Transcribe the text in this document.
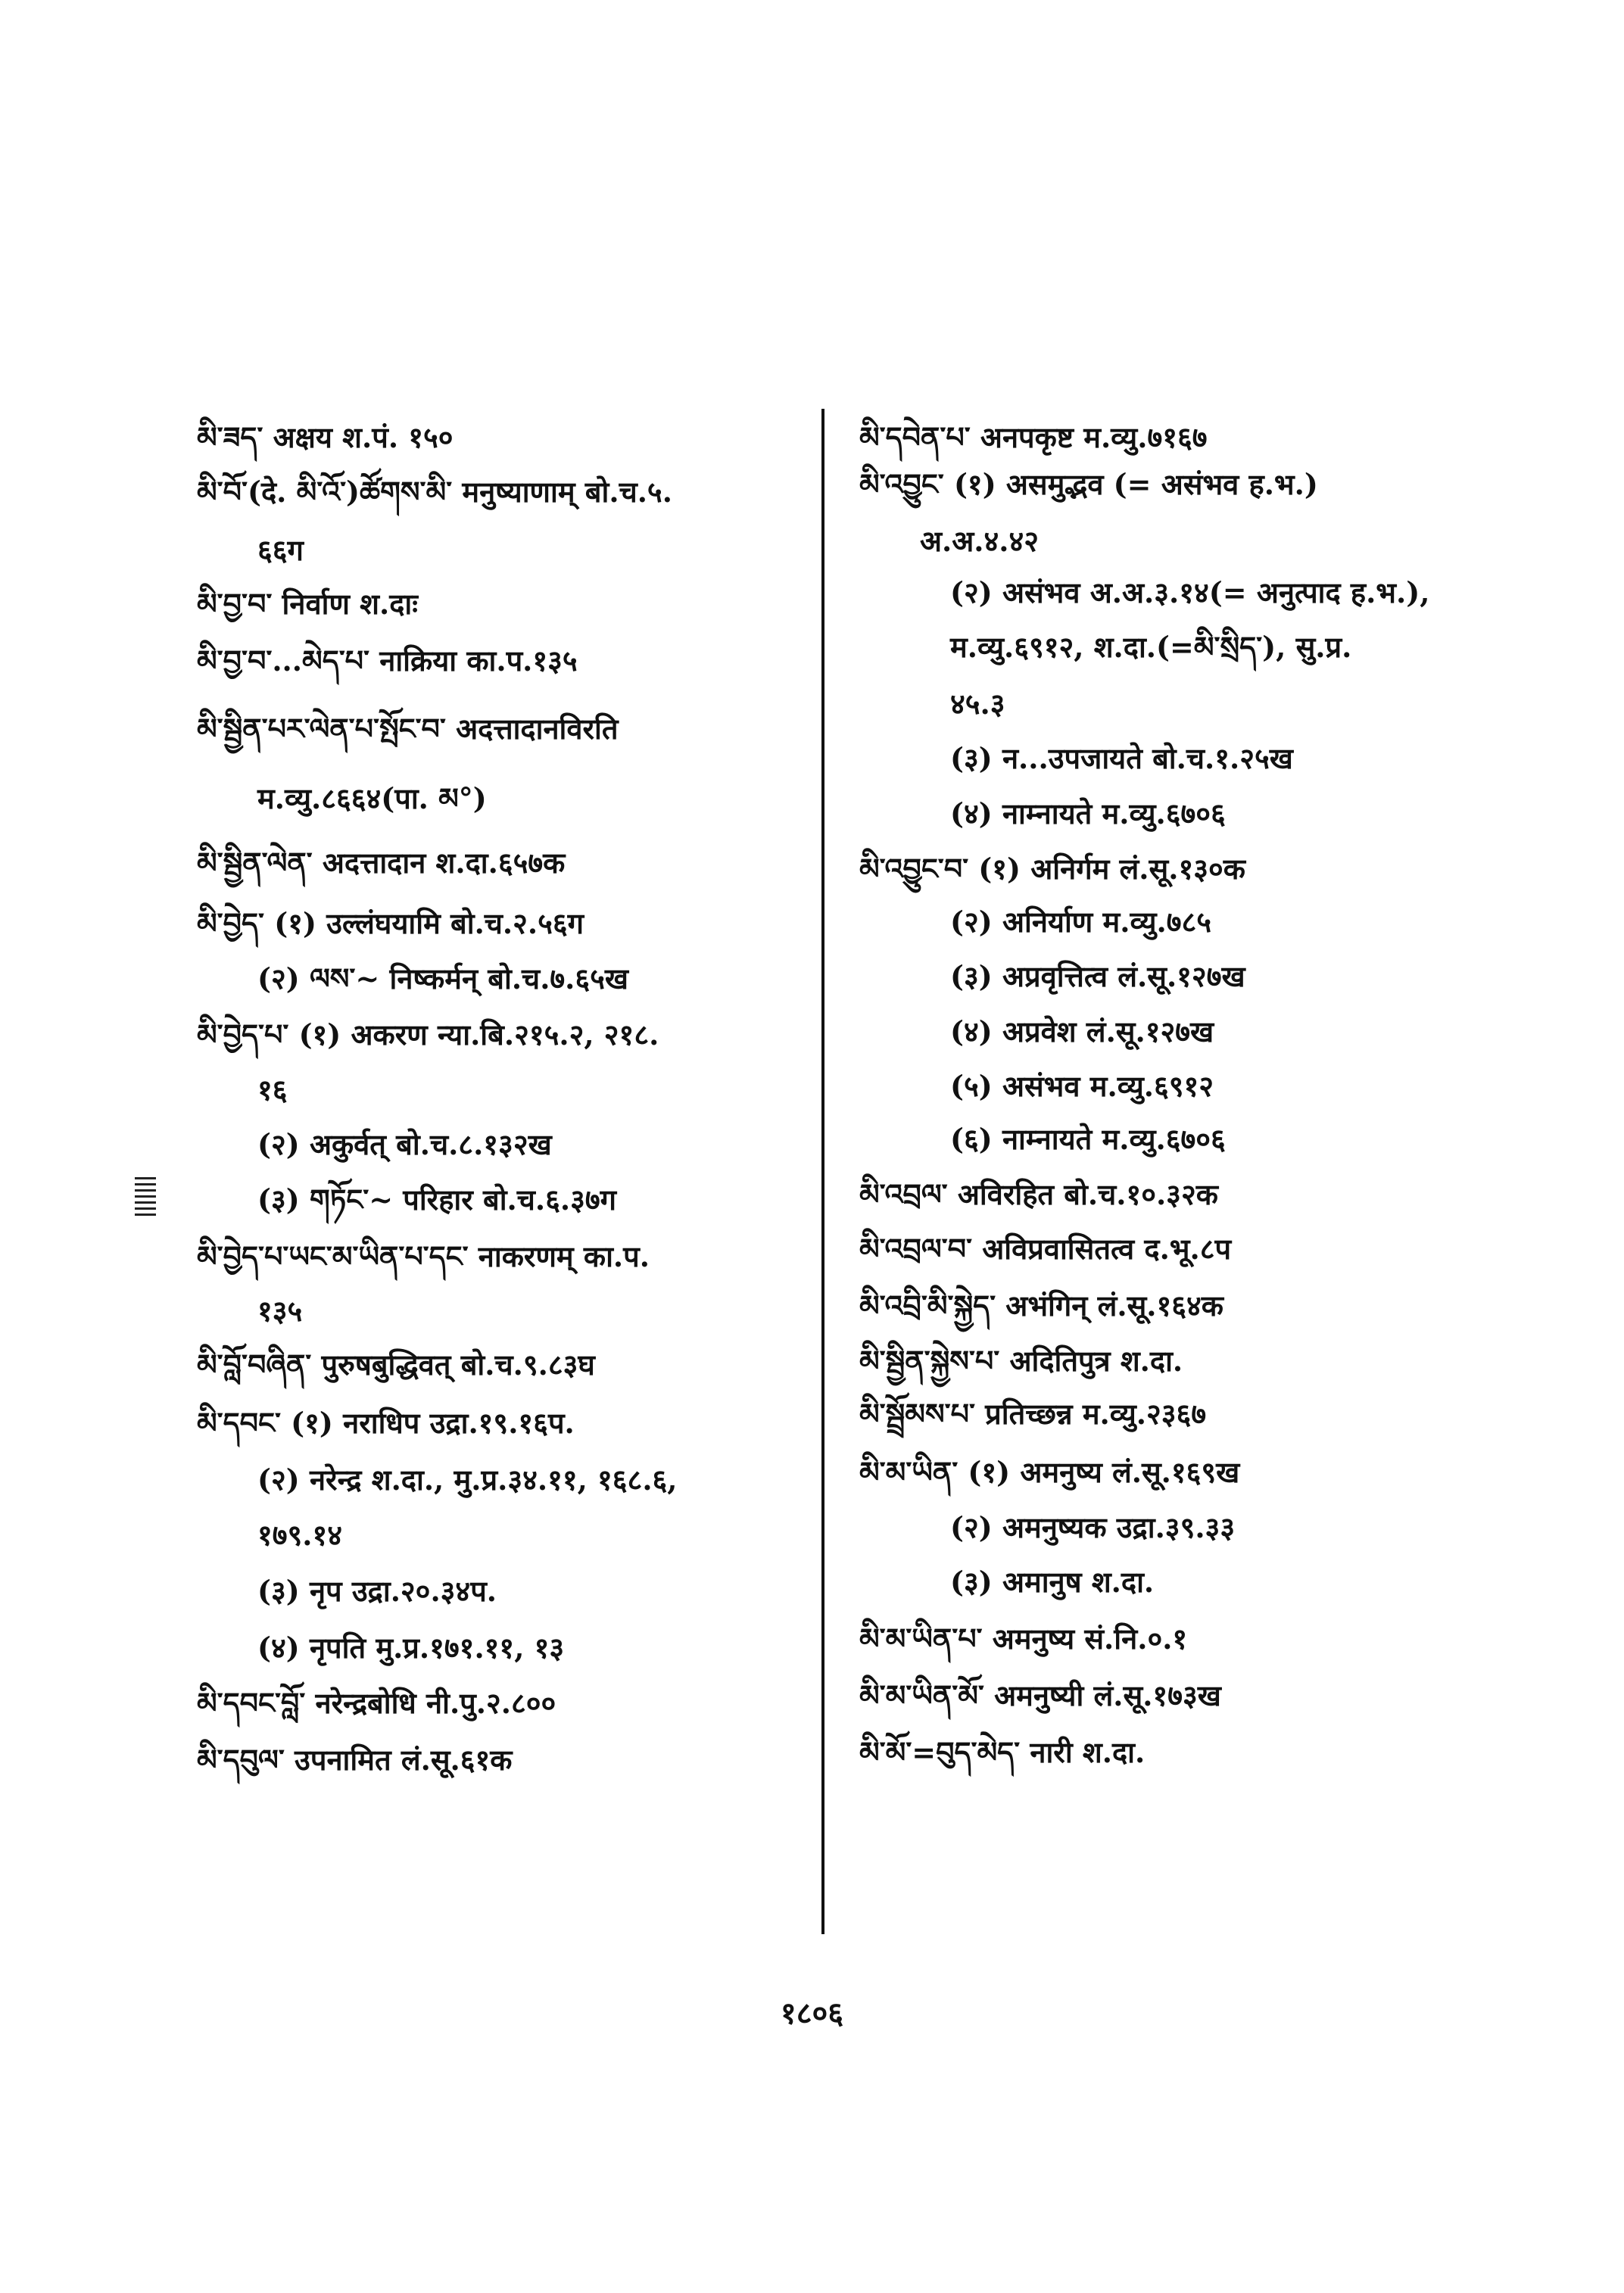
མི་ཟད་ अक्षय श.पं. १५०
མི་བོ་(दे. མི་འོ་)ཚོགས་མི་ मनुष्याणाम् बो.च.५.
६६ग
མི་བྱ་བ་ निर्वाण श.दाः
མི་བྱ་བ་...མེད་པ་ नाक्रिया का.प.१३५
མི་སྦྱིན་པར་ལེན་པ་སྤོང་བ་ अदत्तादानविरति
म.व्यु.८६६४(पा. མ°)
མི་སྦྱིན་ལེན་ अदत्तादान श.दा.६५७क
མི་བྱེད་ (१) उल्लंघयामि बो.च.२.५६ग
(२) ལས་~ निष्कर्मन् बो.च.७.६५ख
མི་བྱེད་པ་ (१) अकरण न्या.बि.२१५.२, २१८.
१६
(२) अकुर्वत् बो.च.८.१३२ख
(३) གཏོང་~ परिहार बो.च.६.३७ग
མི་བྱེད་པ་ཡང་མ་ཡིན་པ་དང་ नाकरणम् का.प.
१३५
མི་བློ་བཞིན་ पुरुषबुद्धिवत् बो.च.९.८३घ
མི་དབང་ (१) नराधिप उद्रा.१९.१६प.
(२) नरेन्द्र श.दा., मु.प्र.३४.११, १६८.६,
१७९.१४
(३) नृप उद्रा.२०.३४प.
(४) नृपति मु.प्र.१७१.११, १३
མི་དབང་བློ་ नरेन्द्रबोधि नी.पु.२.८००
མི་དབུལ་ उपनामित लं.सू.६१क
མི་དབེན་པ་ अनपकृष्ट म.व्यु.७१६७
མི་འབྱུང་ (१) असमुद्भव (= असंभव ह.भ.)
अ.अ.४.४२
(२) असंभव अ.अ.३.१४(= अनुत्पाद ह.भ.),
म.व्यु.६९१२, श.दा.(=མི་སྲིད་), सु.प्र.
४५.३
(३) न...उपजायते बो.च.१.२५ख
(४) नाम्नायते म.व्यु.६७०६
མི་འབྱུང་བ་ (१) अनिर्गम लं.सू.१३०क
(२) अनिर्याण म.व्यु.७८५
(३) अप्रवृत्तित्व लं.सू.१२७ख
(४) अप्रवेश लं.सू.१२७ख
(५) असंभव म.व्यु.६९१२
(६) नाम्नायते म.व्यु.६७०६
མི་འབྲལ་ अविरहित बो.च.१०.३२क
མི་འབྲལ་བ་ अविप्रवासितत्व द.भू.८प
མི་འབྲི་མི་སྐྱེད་ अभंगिन् लं.सू.१६४क
མི་སྦྱིན་སྐྱེས་པ་ अदितिपुत्र श.दा.
མི་སྦྲོམས་པ་ प्रतिच्छन्न म.व्यु.२३६७
མི་མ་ཡིན་ (१) अमनुष्य लं.सू.१६९ख
(२) अमनुष्यक उद्रा.३९.३३
(३) अमानुष श.दा.
མི་མ་ཡིན་པ་ अमनुष्य सं.नि.०.१
མི་མ་ཡིན་མོ་ अमनुष्यी लं.सू.१७३ख
མི་མོ་=བུད་མེད་ नारी श.दा.
१८०६
